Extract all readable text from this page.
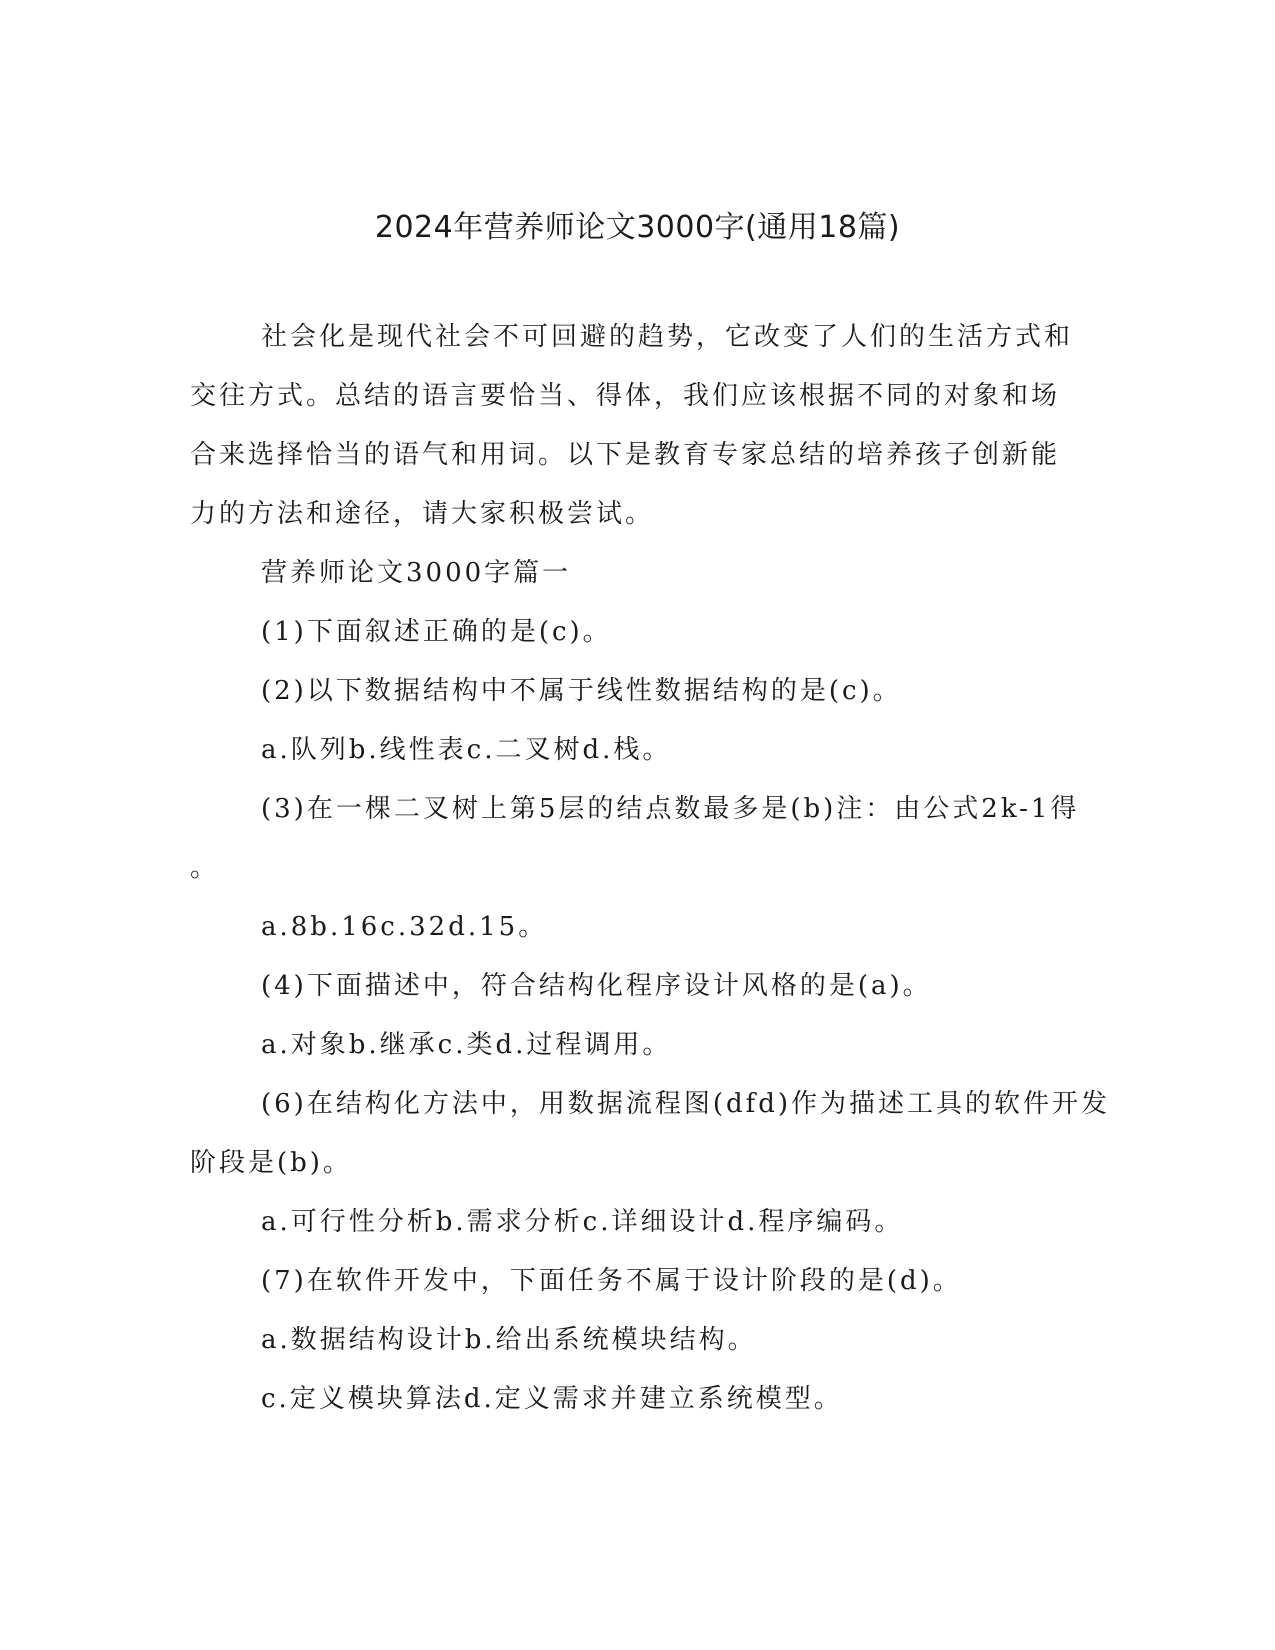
2024年营养师论文3000字(通用18篇)

社会化是现代社会不可回避的趋势，它改变了人们的生活方式和

交往方式。总结的语言要恰当、得体，我们应该根据不同的对象和场

合来选择恰当的语气和用词。以下是教育专家总结的培养孩子创新能

力的方法和途径，请大家积极尝试。

营养师论文3000字篇一

(1)下面叙述正确的是(c)。

(2)以下数据结构中不属于线性数据结构的是(c)。

a.队列b.线性表c.二叉树d.栈。

(3)在一棵二叉树上第5层的结点数最多是(b)注：由公式2k-1得

。

a.8b.16c.32d.15。

(4)下面描述中，符合结构化程序设计风格的是(a)。

a.对象b.继承c.类d.过程调用。

(6)在结构化方法中，用数据流程图(dfd)作为描述工具的软件开发

阶段是(b)。

a.可行性分析b.需求分析c.详细设计d.程序编码。

(7)在软件开发中，下面任务不属于设计阶段的是(d)。

a.数据结构设计b.给出系统模块结构。

c.定义模块算法d.定义需求并建立系统模型。
